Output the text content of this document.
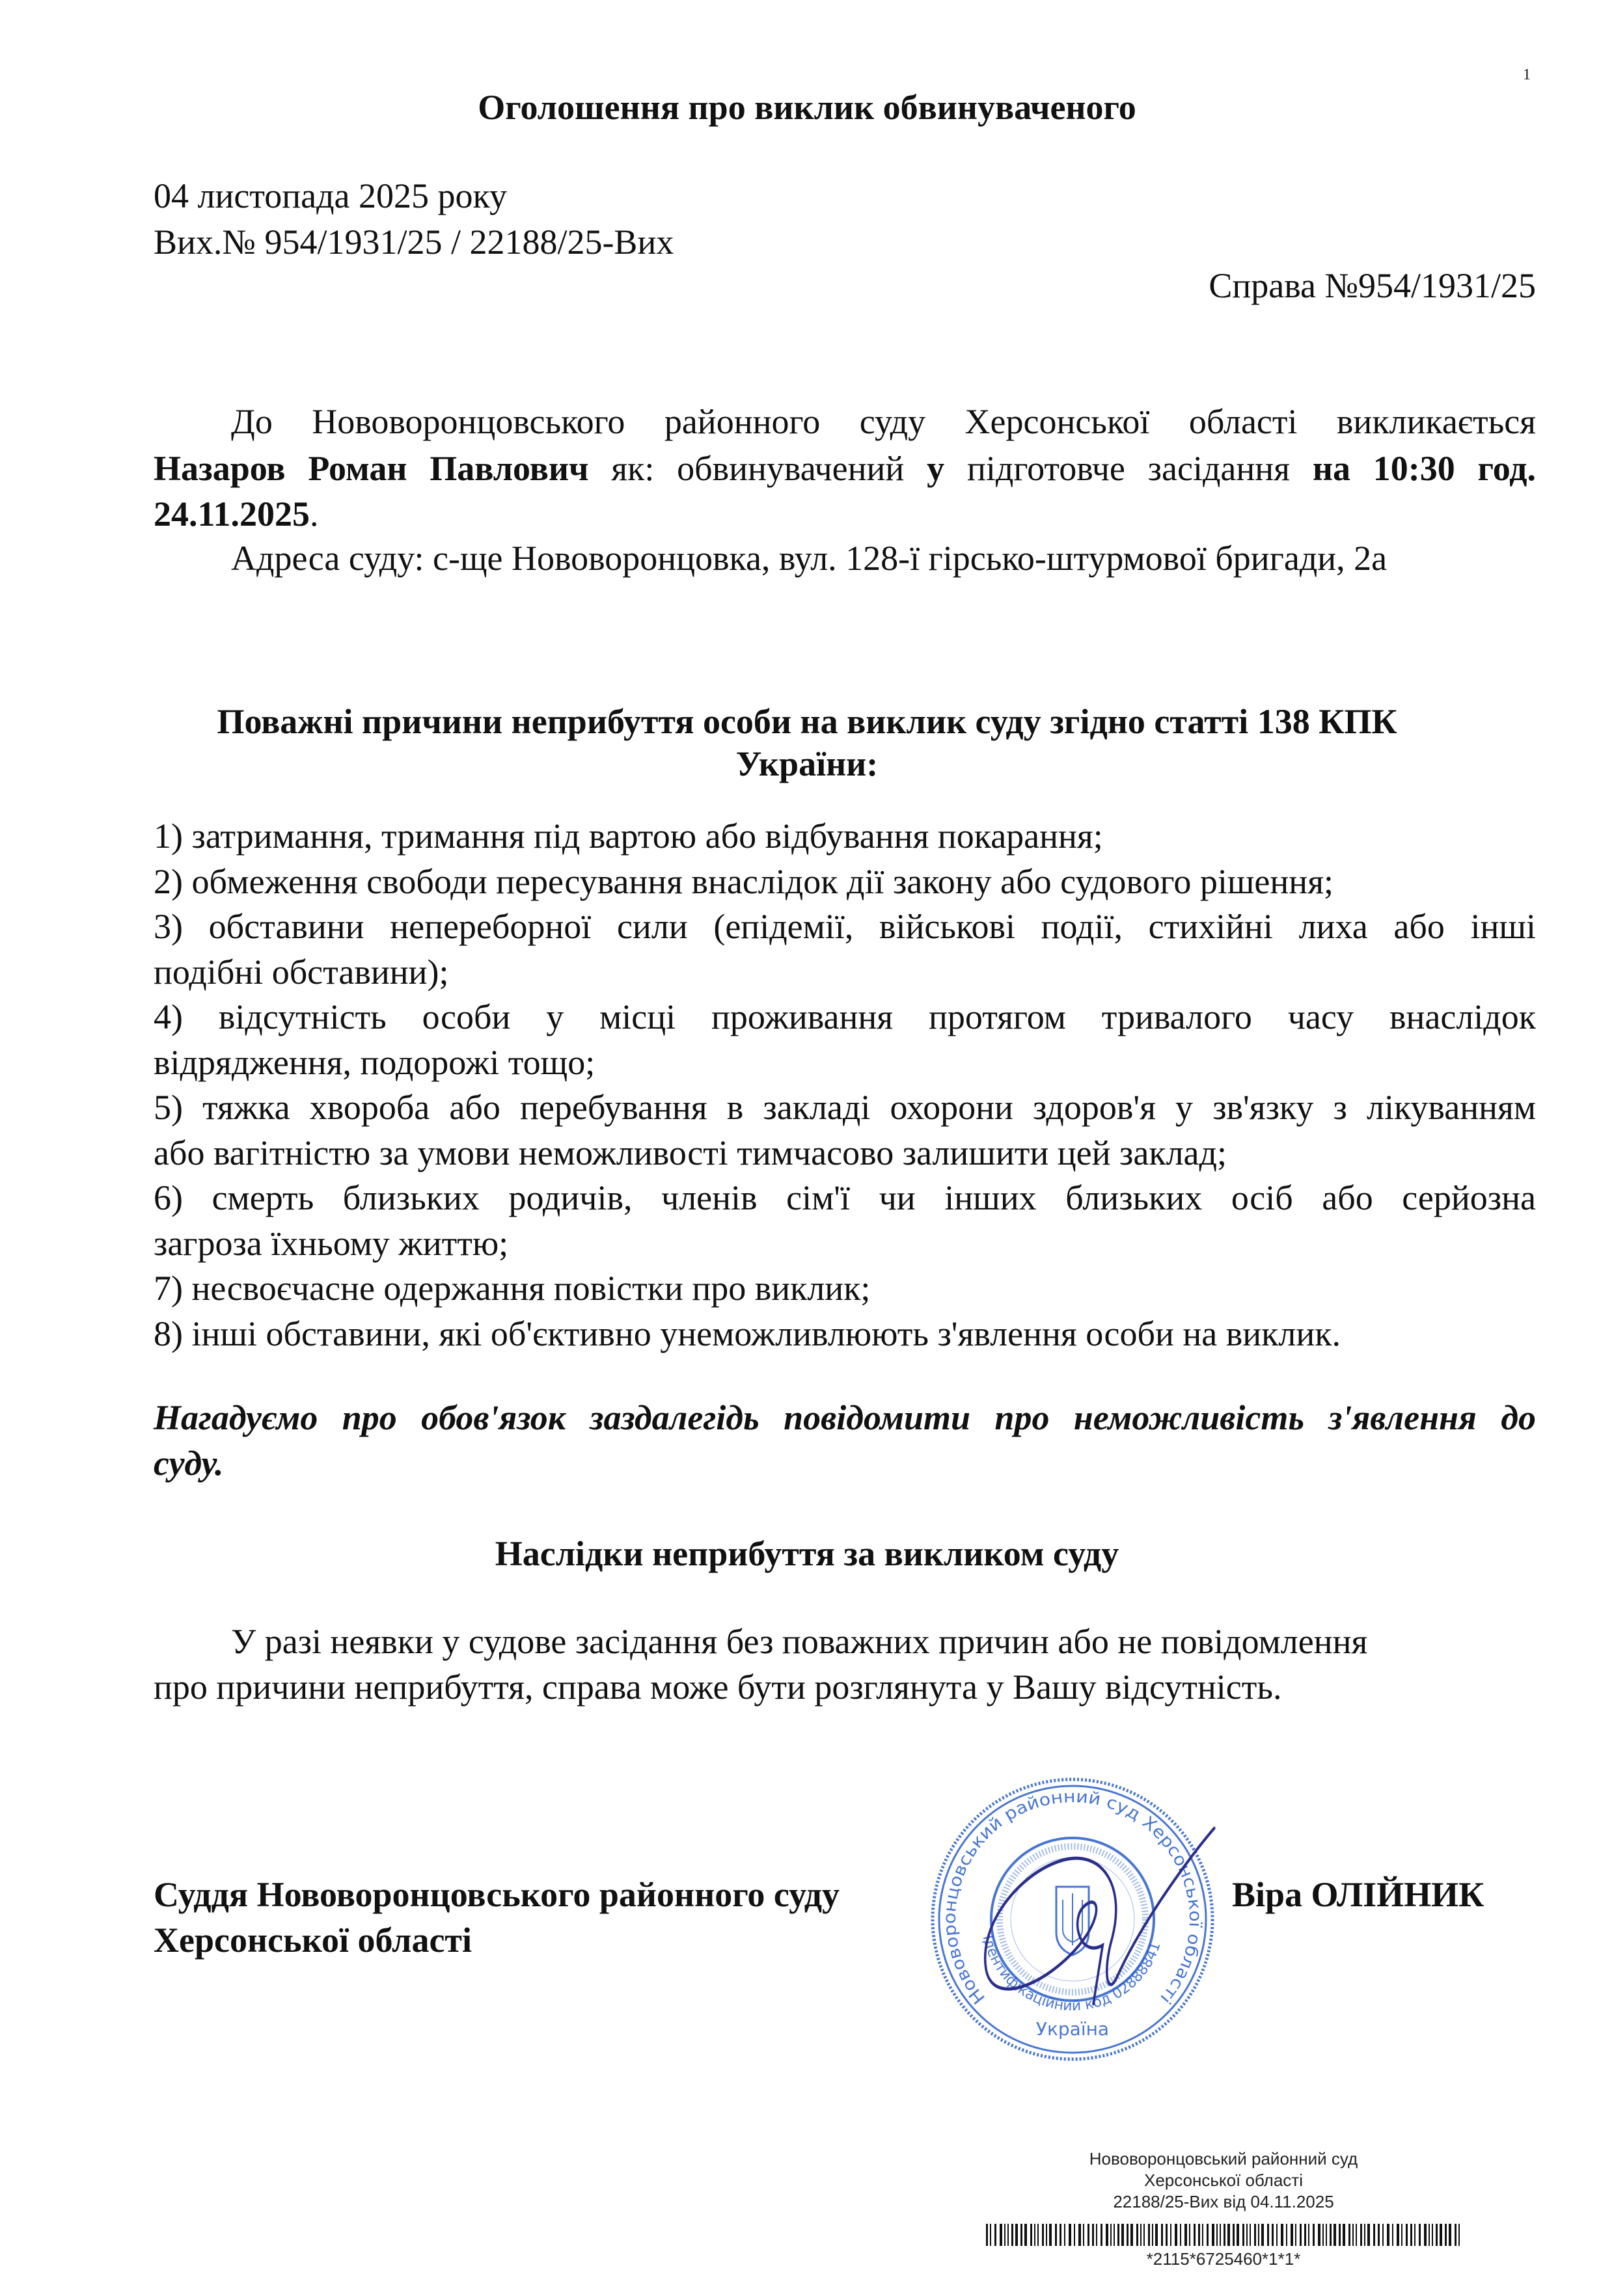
1
Оголошення про виклик обвинуваченого
04 листопада 2025 року
Вих.№ 954/1931/25 / 22188/25-Вих
Справа №954/1931/25
До Нововоронцовського районного суду Херсонської області викликається
Назаров Роман Павлович як: обвинувачений у підготовче засідання на 10:30 год.
24.11.2025.
Адреса суду: с-ще Нововоронцовка, вул. 128-ї гірсько-штурмової бригади, 2а
Поважні причини неприбуття особи на виклик суду згідно статті 138 КПК
України:
1) затримання, тримання під вартою або відбування покарання;
2) обмеження свободи пересування внаслідок дії закону або судового рішення;
3) обставини непереборної сили (епідемії, військові події, стихійні лиха або інші
подібні обставини);
4) відсутність особи у місці проживання протягом тривалого часу внаслідок
відрядження, подорожі тощо;
5) тяжка хвороба або перебування в закладі охорони здоров'я у зв'язку з лікуванням
або вагітністю за умови неможливості тимчасово залишити цей заклад;
6) смерть близьких родичів, членів сім'ї чи інших близьких осіб або серйозна
загроза їхньому життю;
7) несвоєчасне одержання повістки про виклик;
8) інші обставини, які об'єктивно унеможливлюють з'явлення особи на виклик.
Нагадуємо про обов'язок заздалегідь повідомити про неможливість з'явлення до
суду.
Наслідки неприбуття за викликом суду
У разі неявки у судове засідання без поважних причин або не повідомлення
про причини неприбуття, справа може бути розглянута у Вашу відсутність.
Нововоронцовський районний суд Херсонської області
Ідентифікаційний код 02888841
Україна
Суддя Нововоронцовського районного суду
Херсонської області
Віра ОЛІЙНИК
Нововоронцовський районний суд
Херсонської області
22188/25-Вих від 04.11.2025
*2115*6725460*1*1*
